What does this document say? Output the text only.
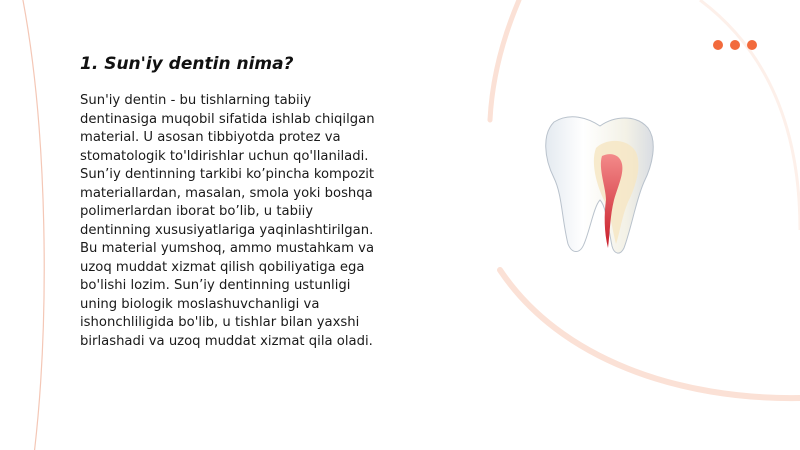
1. Sun'iy dentin nima?

Sun'iy dentin - bu tishlarning tabiiy
dentinasiga muqobil sifatida ishlab chiqilgan
material. U asosan tibbiyotda protez va
stomatologik to'ldirishlar uchun qo'llaniladi.
Sun’iy dentinning tarkibi ko’pincha kompozit
materiallardan, masalan, smola yoki boshqa
polimerlardan iborat bo’lib, u tabiiy
dentinning xususiyatlariga yaqinlashtirilgan.
Bu material yumshoq, ammo mustahkam va
uzoq muddat xizmat qilish qobiliyatiga ega
bo'lishi lozim. Sun’iy dentinning ustunligi
uning biologik moslashuvchanligi va
ishonchliligida bo'lib, u tishlar bilan yaxshi
birlashadi va uzoq muddat xizmat qila oladi.
